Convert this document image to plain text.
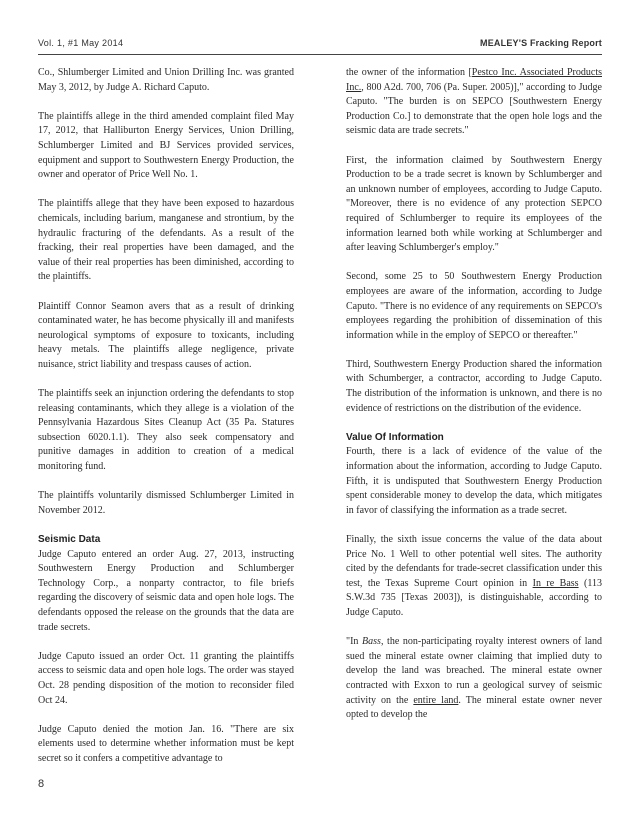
Vol. 1, #1 May 2014	MEALEY'S Fracking Report

Co., Shlumberger Limited and Union Drilling Inc. was granted May 3, 2012, by Judge A. Richard Caputo.

The plaintiffs allege in the third amended complaint filed May 17, 2012, that Halliburton Energy Services, Union Drilling, Schlumberger Limited and BJ Services provided services, equipment and support to Southwestern Energy Production, the owner and operator of Price Well No. 1.

The plaintiffs allege that they have been exposed to hazardous chemicals, including barium, manganese and strontium, by the hydraulic fracturing of the defendants. As a result of the fracking, their real properties have been damaged, and the value of their real properties has been diminished, according to the plaintiffs.

Plaintiff Connor Seamon avers that as a result of drinking contaminated water, he has become physically ill and manifests neurological symptoms of exposure to toxicants, including heavy metals. The plaintiffs allege negligence, private nuisance, strict liability and trespass causes of action.

The plaintiffs seek an injunction ordering the defendants to stop releasing contaminants, which they allege is a violation of the Pennsylvania Hazardous Sites Cleanup Act (35 Pa. Statures subsection 6020.1.1). They also seek compensatory and punitive damages in addition to creation of a medical monitoring fund.

The plaintiffs voluntarily dismissed Schlumberger Limited in November 2012.

Seismic Data

Judge Caputo entered an order Aug. 27, 2013, instructing Southwestern Energy Production and Schlumberger Technology Corp., a nonparty contractor, to file briefs regarding the discovery of seismic data and open hole logs. The defendants opposed the release on the grounds that the data are trade secrets.

Judge Caputo issued an order Oct. 11 granting the plaintiffs access to seismic data and open hole logs. The order was stayed Oct. 28 pending disposition of the motion to reconsider filed Oct 24.

Judge Caputo denied the motion Jan. 16. "There are six elements used to determine whether information must be kept secret so it confers a competitive advantage to

the owner of the information [Pestco Inc. Associated Products Inc., 800 A2d. 700, 706 (Pa. Super. 2005)]," according to Judge Caputo. "The burden is on SEPCO [Southwestern Energy Production Co.] to demonstrate that the open hole logs and the seismic data are trade secrets."

First, the information claimed by Southwestern Energy Production to be a trade secret is known by Schlumberger and an unknown number of employees, according to Judge Caputo. "Moreover, there is no evidence of any protection SEPCO required of Schlumberger to require its employees of the information learned both while working at Schlumberger and after leaving Schlumberger's employ."

Second, some 25 to 50 Southwestern Energy Production employees are aware of the information, according to Judge Caputo. "There is no evidence of any requirements on SEPCO's employees regarding the prohibition of dissemination of this information while in the employ of SEPCO or thereafter."

Third, Southwestern Energy Production shared the information with Schumberger, a contractor, according to Judge Caputo. The distribution of the information is unknown, and there is no evidence of restrictions on the distribution of the evidence.

Value Of Information

Fourth, there is a lack of evidence of the value of the information about the information, according to Judge Caputo. Fifth, it is undisputed that Southwestern Energy Production spent considerable money to develop the data, which mitigates in favor of classifying the information as a trade secret.

Finally, the sixth issue concerns the value of the data about Price No. 1 Well to other potential well sites. The authority cited by the defendants for trade-secret classification under this test, the Texas Supreme Court opinion in In re Bass (113 S.W.3d 735 [Texas 2003]), is distinguishable, according to Judge Caputo.

"In Bass, the non-participating royalty interest owners of land sued the mineral estate owner claiming that implied duty to develop the land was breached. The mineral estate owner contracted with Exxon to run a geological survey of seismic activity on the entire land. The mineral estate owner never opted to develop the

8
